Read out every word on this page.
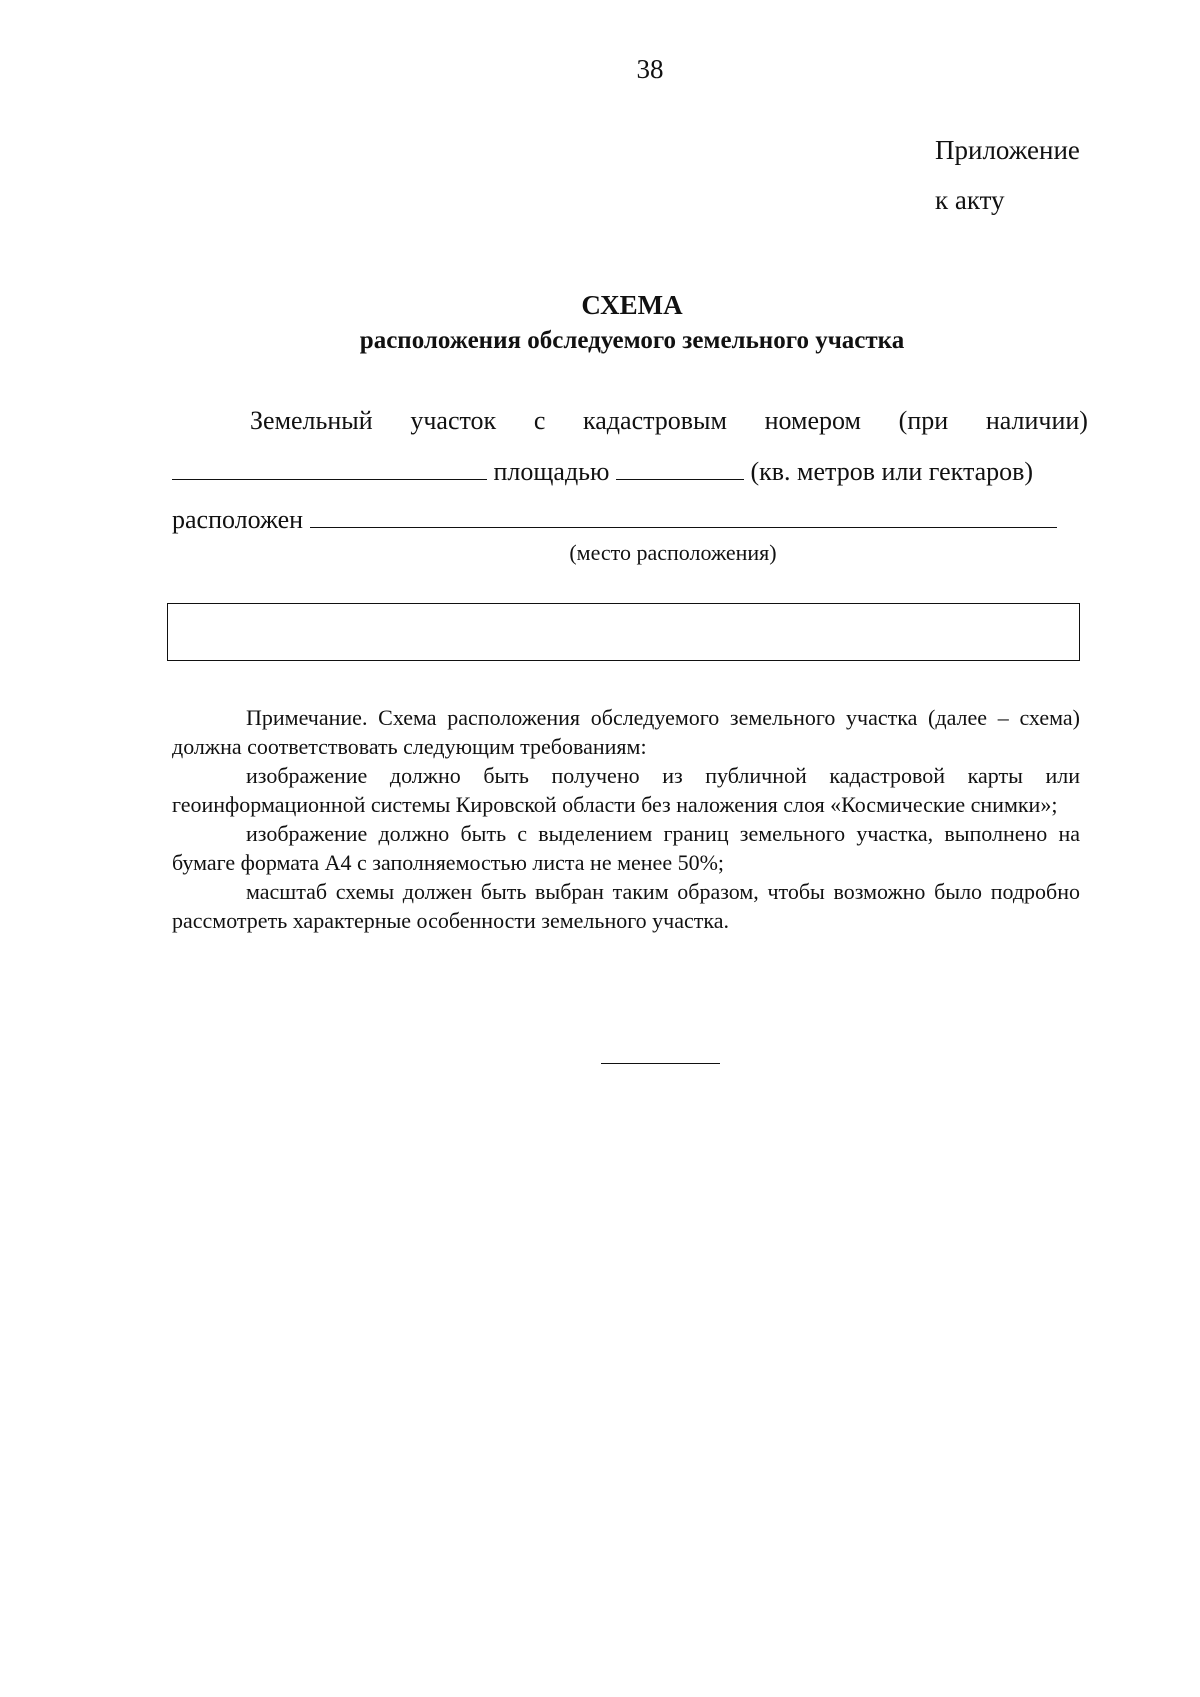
38
Приложение
к акту
СХЕМА
расположения обследуемого земельного участка
Земельный участок с кадастровым номером (при наличии)
площадью	(кв. метров или гектаров)
расположен
(место расположения)

Примечание. Схема расположения обследуемого земельного участка (далее – схема) должна соответствовать следующим требованиям:

изображение должно быть получено из публичной кадастровой карты или геоинформационной системы Кировской области без наложения слоя «Космические снимки»;

изображение должно быть с выделением границ земельного участка, выполнено на бумаге формата А4 с заполняемостью листа не менее 50%;

масштаб схемы должен быть выбран таким образом, чтобы возможно было подробно рассмотреть характерные особенности земельного участка.
